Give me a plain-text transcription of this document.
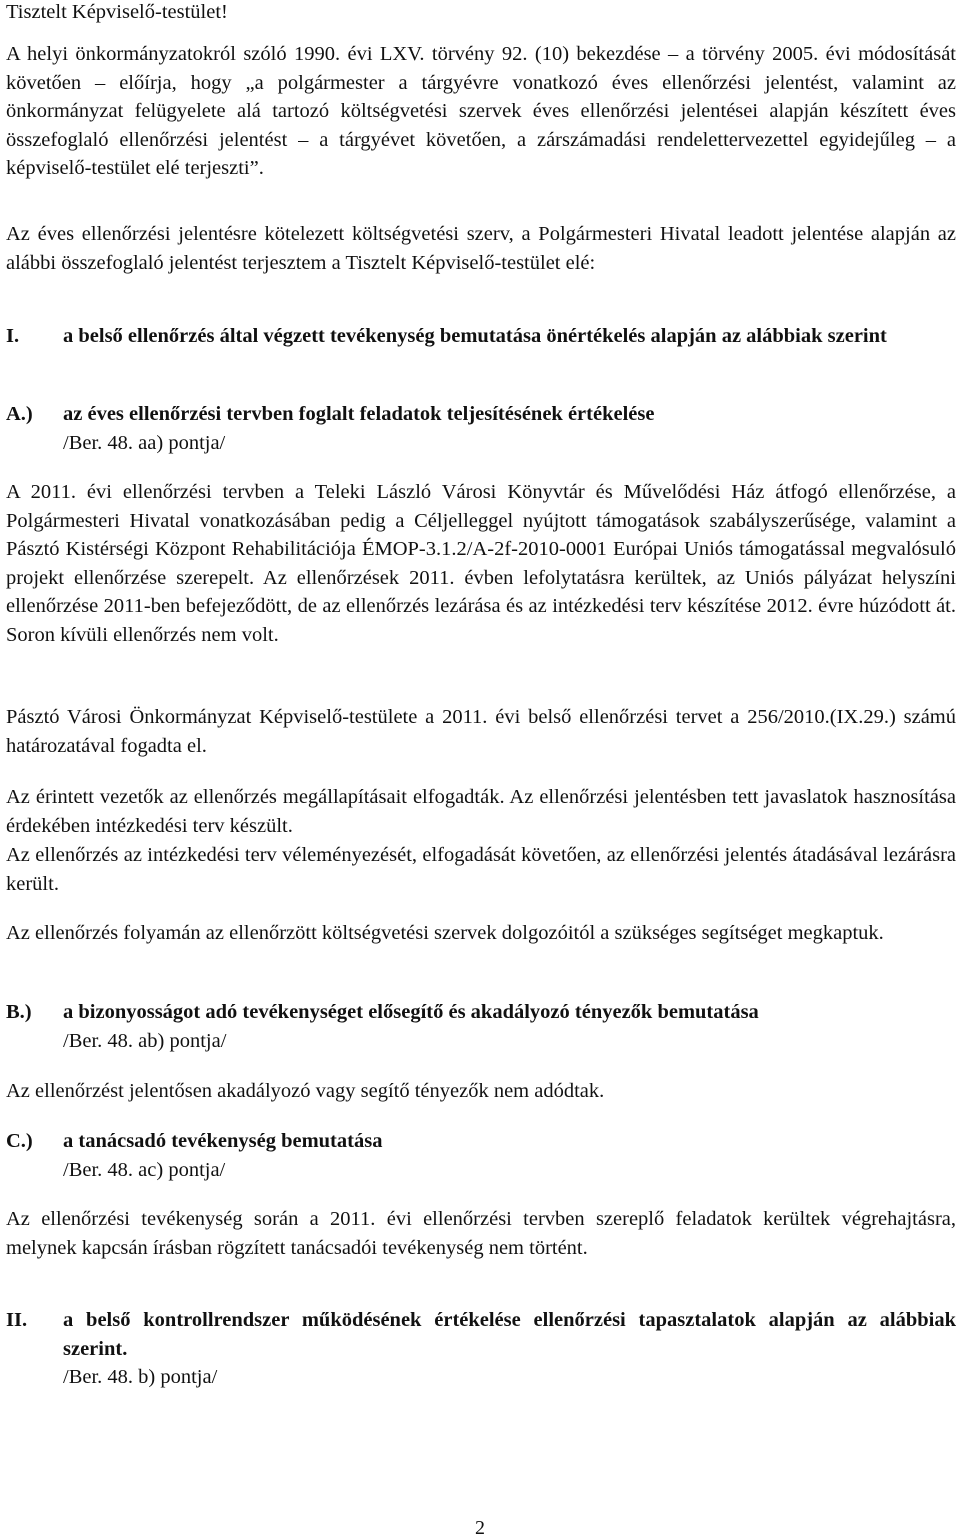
Tisztelt Képviselő-testület!

A helyi önkormányzatokról szóló 1990. évi LXV. törvény 92. (10) bekezdése – a törvény 2005. évi módosítását követően – előírja, hogy „a polgármester a tárgyévre vonatkozó éves ellenőrzési jelentést, valamint az önkormányzat felügyelete alá tartozó költségvetési szervek éves ellenőrzési jelentései alapján készített éves összefoglaló ellenőrzési jelentést – a tárgyévet követően, a zárszámadási rendelettervezettel egyidejűleg – a képviselő-testület elé terjeszti”.

Az éves ellenőrzési jelentésre kötelezett költségvetési szerv, a Polgármesteri Hivatal leadott jelentése alapján az alábbi összefoglaló jelentést terjesztem a Tisztelt Képviselő-testület elé:

I. a belső ellenőrzés által végzett tevékenység bemutatása önértékelés alapján az alábbiak szerint
A.) az éves ellenőrzési tervben foglalt feladatok teljesítésének értékelése
/Ber. 48. aa) pontja/

A 2011. évi ellenőrzési tervben a Teleki László Városi Könyvtár és Művelődési Ház átfogó ellenőrzése, a Polgármesteri Hivatal vonatkozásában pedig a Céljelleggel nyújtott támogatások szabályszerűsége, valamint a Pásztó Kistérségi Központ Rehabilitációja ÉMOP-3.1.2/A-2f-2010-0001 Európai Uniós támogatással megvalósuló projekt ellenőrzése szerepelt. Az ellenőrzések 2011. évben lefolytatásra kerültek, az Uniós pályázat helyszíni ellenőrzése 2011-ben befejeződött, de az ellenőrzés lezárása és az intézkedési terv készítése 2012. évre húzódott át. Soron kívüli ellenőrzés nem volt.

Pásztó Városi Önkormányzat Képviselő-testülete a 2011. évi belső ellenőrzési tervet a 256/2010.(IX.29.) számú határozatával fogadta el.

Az érintett vezetők az ellenőrzés megállapításait elfogadták. Az ellenőrzési jelentésben tett javaslatok hasznosítása érdekében intézkedési terv készült.

Az ellenőrzés az intézkedési terv véleményezését, elfogadását követően, az ellenőrzési jelentés átadásával lezárásra került.

Az ellenőrzés folyamán az ellenőrzött költségvetési szervek dolgozóitól a szükséges segítséget megkaptuk.

B.) a bizonyosságot adó tevékenységet elősegítő és akadályozó tényezők bemutatása
/Ber. 48. ab) pontja/

Az ellenőrzést jelentősen akadályozó vagy segítő tényezők nem adódtak.

C.) a tanácsadó tevékenység bemutatása
/Ber. 48. ac) pontja/

Az ellenőrzési tevékenység során a 2011. évi ellenőrzési tervben szereplő feladatok kerültek végrehajtásra, melynek kapcsán írásban rögzített tanácsadói tevékenység nem történt.

II. a belső kontrollrendszer működésének értékelése ellenőrzési tapasztalatok alapján az alábbiak szerint.
/Ber. 48. b) pontja/
2
